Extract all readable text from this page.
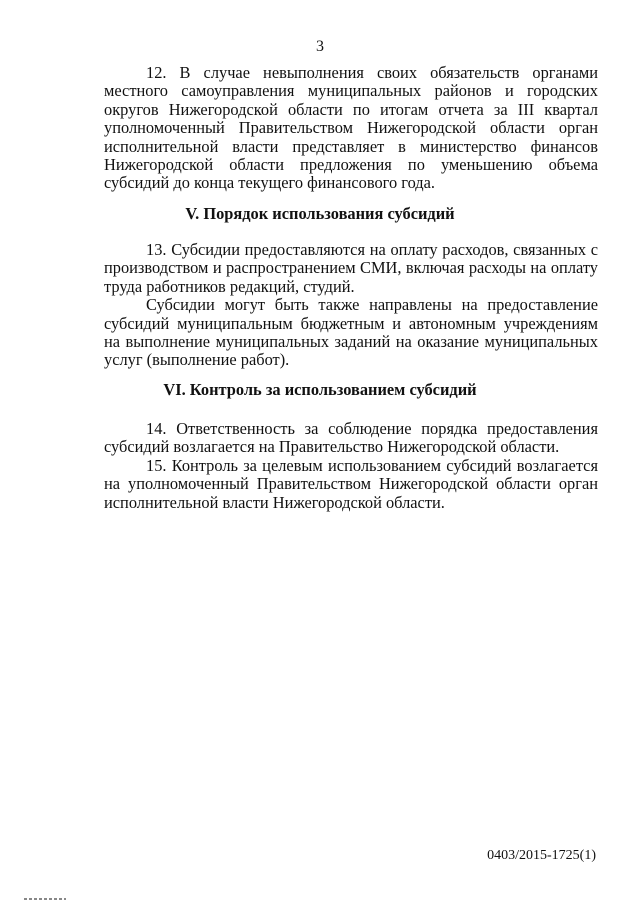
3

12. В случае невыполнения своих обязательств органами местного самоуправления муниципальных районов и городских округов Нижегородской области по итогам отчета за III квартал уполномоченный Правительством Нижегородской области орган исполнительной власти представляет в министерство финансов Нижегородской области предложения по уменьшению объема субсидий до конца текущего финансового года.

V. Порядок использования субсидий

13. Субсидии предоставляются на оплату расходов, связанных с производством и распространением СМИ, включая расходы на оплату труда работников редакций, студий.

Субсидии могут быть также направлены на предоставление субсидий муниципальным бюджетным и автономным учреждениям на выполнение муниципальных заданий на оказание муниципальных услуг (выполнение работ).

VI. Контроль за использованием субсидий

14. Ответственность за соблюдение порядка предоставления субсидий возлагается на Правительство Нижегородской области.

15. Контроль за целевым использованием субсидий возлагается на уполномоченный Правительством Нижегородской области орган исполнительной власти Нижегородской области.

0403/2015-1725(1)
